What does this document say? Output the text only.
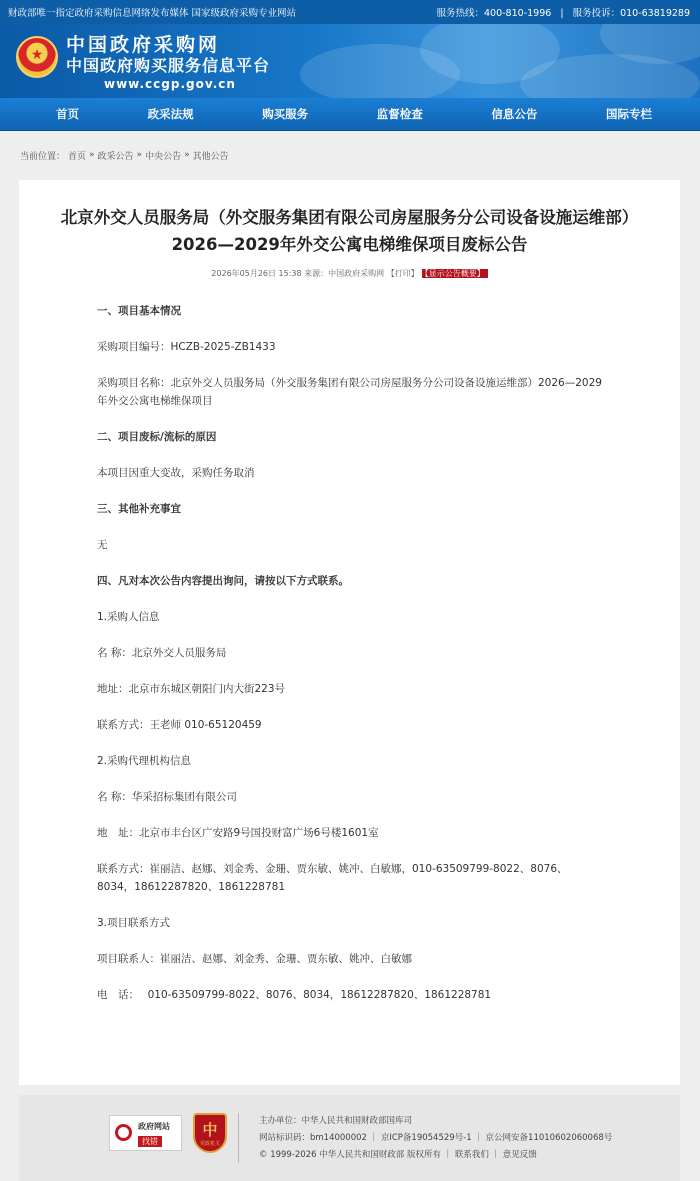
财政部唯一指定政府采购信息网络发布媒体 国家级政府采购专业网站	服务热线：400-810-1996 | 服务投诉：010-63819289
★
中国政府采购网
中国政府购买服务信息平台
www.ccgp.gov.cn
首页	政采法规	购买服务	监督检查	信息公告	国际专栏
当前位置： 首页 » 政采公告 » 中央公告 » 其他公告
北京外交人员服务局（外交服务集团有限公司房屋服务分公司设备设施运维部）2026—2029年外交公寓电梯维保项目废标公告
2026年05月26日 15:38 来源：中国政府采购网 【打印】 【显示公告概要】

一、项目基本情况

采购项目编号：HCZB-2025-ZB1433

采购项目名称：北京外交人员服务局（外交服务集团有限公司房屋服务分公司设备设施运维部）2026—2029年外交公寓电梯维保项目

二、项目废标/流标的原因

本项目因重大变故，采购任务取消

三、其他补充事宜

无

四、凡对本次公告内容提出询问，请按以下方式联系。

1.采购人信息

名 称：北京外交人员服务局

地址：北京市东城区朝阳门内大街223号

联系方式：王老师 010-65120459

2.采购代理机构信息

名 称：华采招标集团有限公司

地　址：北京市丰台区广安路9号国投财富广场6号楼1601室

联系方式：崔丽洁、赵娜、刘金秀、金珊、贾东敏、姚冲、白敏娜，010-63509799-8022、8076、8034，18612287820、1861228781

3.项目联系方式

项目联系人：崔丽洁、赵娜、刘金秀、金珊、贾东敏、姚冲、白敏娜

电　话：　 010-63509799-8022、8076、8034，18612287820、1861228781

政府网站
找错
中
党政机关
主办单位：中华人民共和国财政部国库司
网站标识码：bm14000002 ｜ 京ICP备19054529号-1 ｜ 京公网安备11010602060068号
© 1999-2026 中华人民共和国财政部 版权所有 ｜ 联系我们 ｜ 意见反馈
